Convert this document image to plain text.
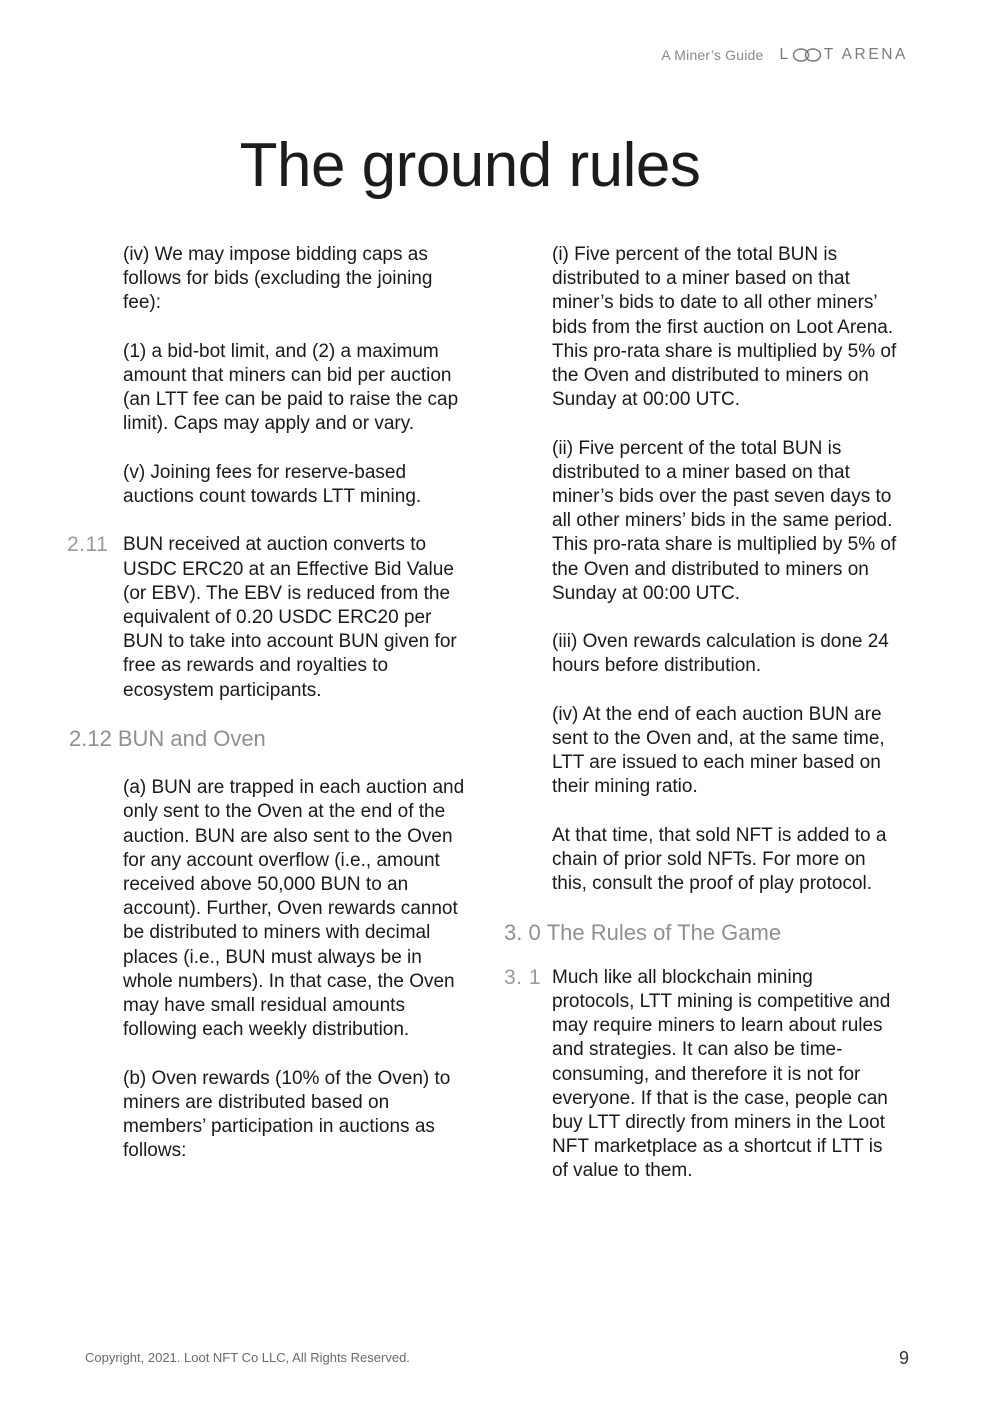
A Miner’s Guide L T ARENA
The ground rules

(iv) We may impose bidding caps as follows for bids (excluding the joining fee):

(1) a bid-bot limit, and (2) a maximum amount that miners can bid per auction (an LTT fee can be paid to raise the cap limit). Caps may apply and or vary.

(v) Joining fees for reserve-based auctions count towards LTT mining.

2.11 BUN received at auction converts to USDC ERC20 at an Effective Bid Value (or EBV). The EBV is reduced from the equivalent of 0.20 USDC ERC20 per BUN to take into account BUN given for free as rewards and royalties to ecosystem participants.

2.12 BUN and Oven

(a) BUN are trapped in each auction and only sent to the Oven at the end of the auction. BUN are also sent to the Oven for any account overflow (i.e., amount received above 50,000 BUN to an account). Further, Oven rewards cannot be distributed to miners with decimal places (i.e., BUN must always be in whole numbers). In that case, the Oven may have small residual amounts following each weekly distribution.

(b) Oven rewards (10% of the Oven) to miners are distributed based on members’ participation in auctions as follows:

(i) Five percent of the total BUN is distributed to a miner based on that miner’s bids to date to all other miners’ bids from the first auction on Loot Arena. This pro-rata share is multiplied by 5% of the Oven and distributed to miners on Sunday at 00:00 UTC.

(ii) Five percent of the total BUN is distributed to a miner based on that miner’s bids over the past seven days to all other miners’ bids in the same period. This pro-rata share is multiplied by 5% of the Oven and distributed to miners on Sunday at 00:00 UTC.

(iii) Oven rewards calculation is done 24 hours before distribution.

(iv) At the end of each auction BUN are sent to the Oven and, at the same time, LTT are issued to each miner based on their mining ratio.

At that time, that sold NFT is added to a chain of prior sold NFTs. For more on this, consult the proof of play protocol.

3. 0 The Rules of The Game
3. 1 Much like all blockchain mining protocols, LTT mining is competitive and may require miners to learn about rules and strategies. It can also be time-consuming, and therefore it is not for everyone. If that is the case, people can buy LTT directly from miners in the Loot NFT marketplace as a shortcut if LTT is of value to them.

Copyright, 2021. Loot NFT Co LLC, All Rights Reserved.	9
